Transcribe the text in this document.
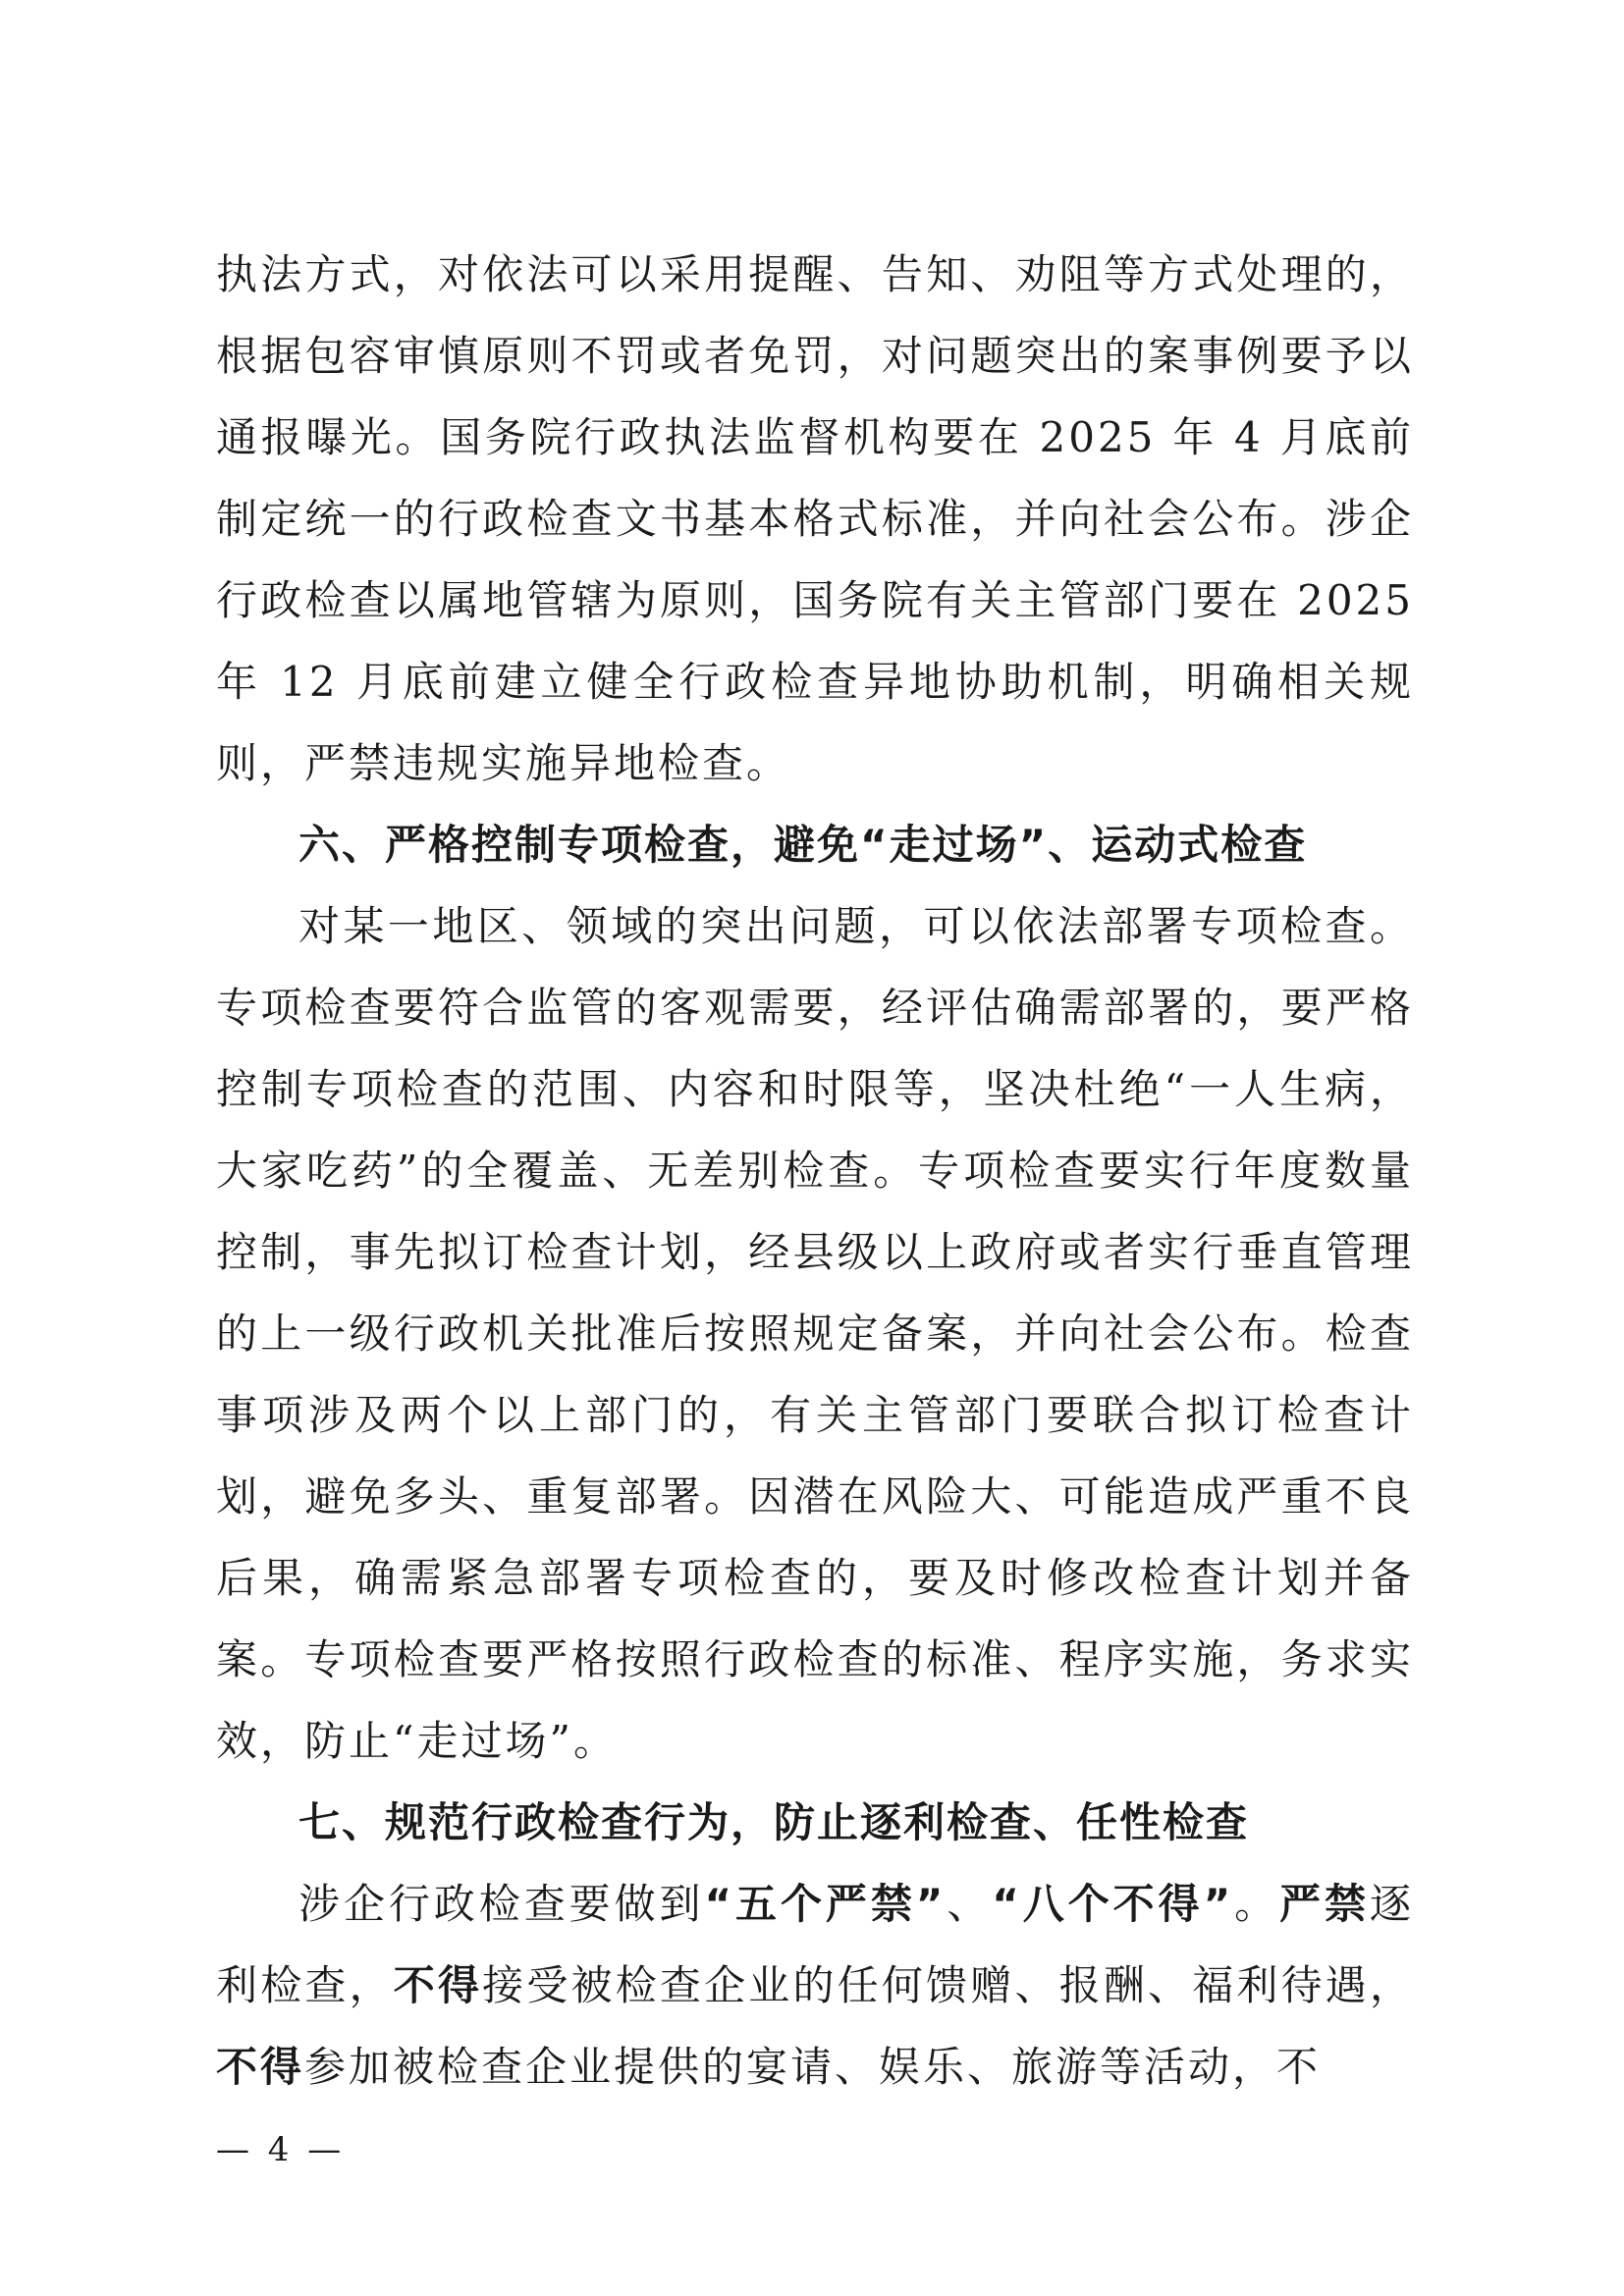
执法方式，对依法可以采用提醒、告知、劝阻等方式处理的，根据包容审慎原则不罚或者免罚，对问题突出的案事例要予以通报曝光。国务院行政执法监督机构要在 2025 年 4 月底前制定统一的行政检查文书基本格式标准，并向社会公布。涉企行政检查以属地管辖为原则，国务院有关主管部门要在 2025 年 12 月底前建立健全行政检查异地协助机制，明确相关规则，严禁违规实施异地检查。

六、严格控制专项检查，避免“走过场”、运动式检查

对某一地区、领域的突出问题，可以依法部署专项检查。专项检查要符合监管的客观需要，经评估确需部署的，要严格控制专项检查的范围、内容和时限等，坚决杜绝“一人生病，大家吃药”的全覆盖、无差别检查。专项检查要实行年度数量控制，事先拟订检查计划，经县级以上政府或者实行垂直管理的上一级行政机关批准后按照规定备案，并向社会公布。检查事项涉及两个以上部门的，有关主管部门要联合拟订检查计划，避免多头、重复部署。因潜在风险大、可能造成严重不良后果，确需紧急部署专项检查的，要及时修改检查计划并备案。专项检查要严格按照行政检查的标准、程序实施，务求实效，防止“走过场”。

七、规范行政检查行为，防止逐利检查、任性检查

涉企行政检查要做到“五个严禁”、“八个不得”。严禁逐利检查，不得接受被检查企业的任何馈赠、报酬、福利待遇，不得参加被检查企业提供的宴请、娱乐、旅游等活动，不

— 4 —
